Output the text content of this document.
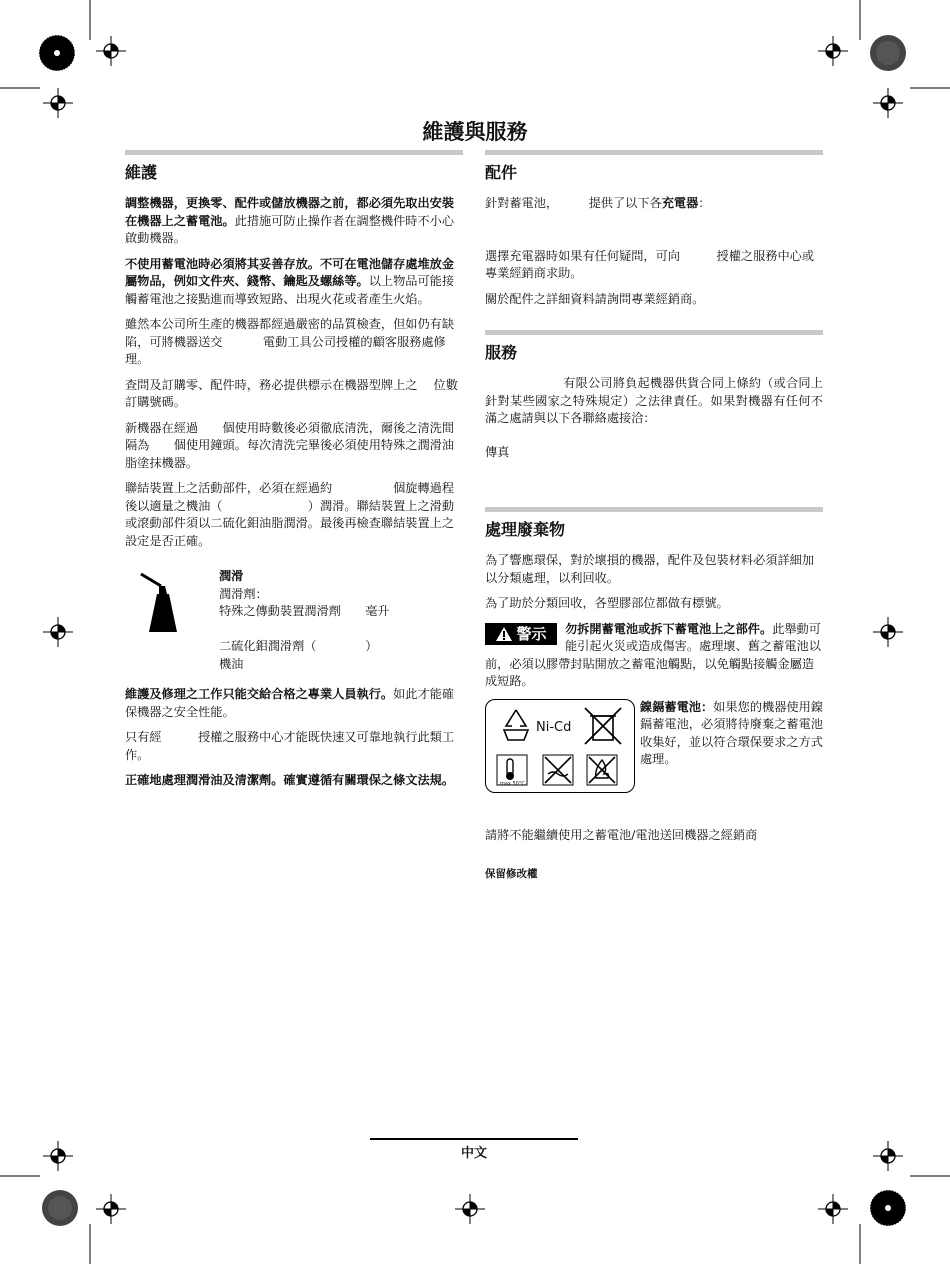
維護與服務
維護

調整機器，更換零、配件或儲放機器之前，都必須先取出安裝在機器上之蓄電池。此措施可防止操作者在調整機件時不小心啟動機器。

不使用蓄電池時必須將其妥善存放。不可在電池儲存處堆放金屬物品，例如文件夾、錢幣、鑰匙及螺絲等。以上物品可能接觸蓄電池之接點進而導致短路、出現火花或者產生火焰。

雖然本公司所生產的機器都經過嚴密的品質檢查，但如仍有缺陷，可將機器送交　　　 電動工具公司授權的顧客服務處修理。

查問及訂購零、配件時，務必提供標示在機器型牌上之　 位數訂購號碼。

新機器在經過　　個使用時數後必須徹底清洗，爾後之清洗間隔為　　個使用鐘頭。每次清洗完畢後必須使用特殊之潤滑油脂塗抹機器。

聯結裝置上之活動部件，必須在經過約　　　　　個旋轉過程後以適量之機油（　　　　　　　）潤滑。聯結裝置上之滑動或滾動部件須以二硫化鉬油脂潤滑。最後再檢查聯結裝置上之設定是否正確。

潤滑
潤滑劑：
特殊之傳動裝置潤滑劑　　毫升
二硫化鉬潤滑劑（　　　　）
機油

維護及修理之工作只能交給合格之專業人員執行。如此才能確保機器之安全性能。

只有經　　　授權之服務中心才能既快速又可靠地執行此類工作。

正確地處理潤滑油及清潔劑。確實遵循有關環保之條文法規。

配件

針對蓄電池，　　　提供了以下各充電器：

選擇充電器時如果有任何疑問，可向　　　授權之服務中心或　　　專業經銷商求助。

關於配件之詳細資料請詢問專業經銷商。

服務

　　　　　　 有限公司將負起機器供貨合同上條約（或合同上針對某些國家之特殊規定）之法律責任。如果對機器有任何不滿之處請與以下各聯絡處接洽：

傳真

處理廢棄物

為了響應環保，對於壞損的機器，配件及包裝材料必須詳細加以分類處理，以利回收。

為了助於分類回收，各塑膠部位都做有標號。

警示	勿拆開蓄電池或拆下蓄電池上之部件。此舉動可能引起火災或造成傷害。處理壞、舊之蓄電池以前，必須以膠帶封貼開放之蓄電池觸點，以免觸點接觸金屬造成短路。

Ni-Cd
max.50°C
鎳鎘蓄電池：如果您的機器使用鎳鎘蓄電池，必須將待廢棄之蓄電池收集好，並以符合環保要求之方式處理。

請將不能繼續使用之蓄電池/電池送回機器之經銷商

保留修改權

中文
